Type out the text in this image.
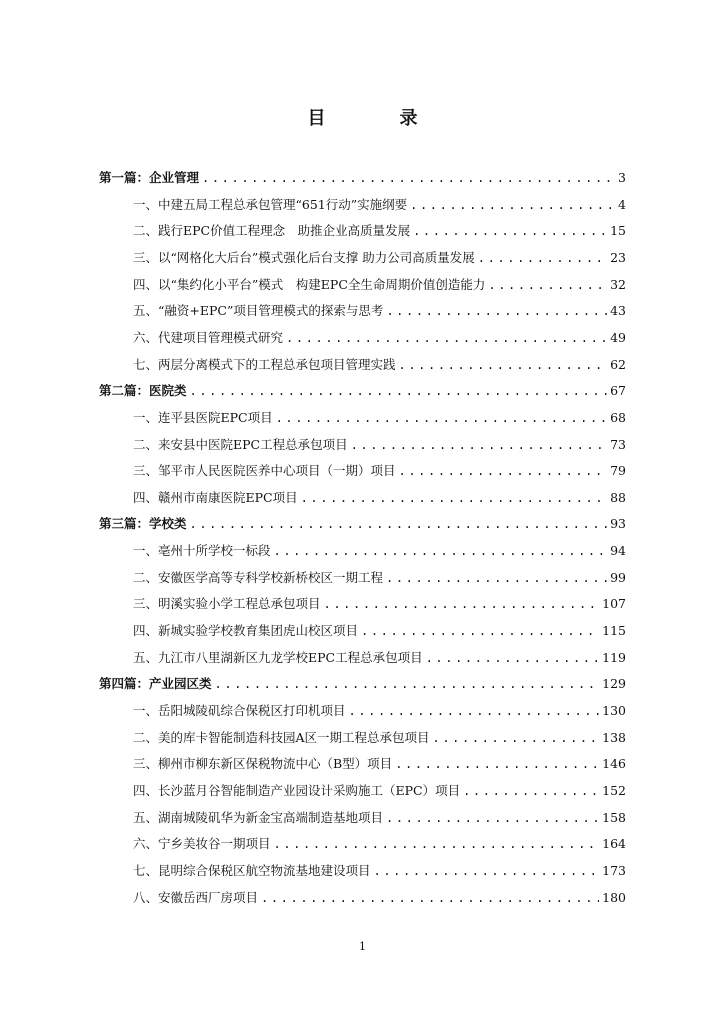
目　录
第一篇：企业管理 .....	3
一、中建五局工程总承包管理“651行动”实施纲要 .....	4
二、践行EPC价值工程理念　助推企业高质量发展 .....	15
三、以“网格化大后台”模式强化后台支撑 助力公司高质量发展 .....	23
四、以“集约化小平台”模式　构建EPC全生命周期价值创造能力 .....	32
五、“融资+EPC”项目管理模式的探索与思考 .....	43
六、代建项目管理模式研究 .....	49
七、两层分离模式下的工程总承包项目管理实践 .....	62
第二篇：医院类 .....	67
一、连平县医院EPC项目 .....	68
二、来安县中医院EPC工程总承包项目 .....	73
三、邹平市人民医院医养中心项目（一期）项目 .....	79
四、赣州市南康医院EPC项目 .....	88
第三篇：学校类 .....	93
一、亳州十所学校一标段 .....	94
二、安徽医学高等专科学校新桥校区一期工程 .....	99
三、明溪实验小学工程总承包项目 .....	107
四、新城实验学校教育集团虎山校区项目 .....	115
五、九江市八里湖新区九龙学校EPC工程总承包项目 .....	119
第四篇：产业园区类 .....	129
一、岳阳城陵矶综合保税区打印机项目 .....	130
二、美的库卡智能制造科技园A区一期工程总承包项目 .....	138
三、柳州市柳东新区保税物流中心（B型）项目 .....	146
四、长沙蓝月谷智能制造产业园设计采购施工（EPC）项目 .....	152
五、湖南城陵矶华为新金宝高端制造基地项目 .....	158
六、宁乡美妆谷一期项目 .....	164
七、昆明综合保税区航空物流基地建设项目 .....	173
八、安徽岳西厂房项目 .....	180
1
